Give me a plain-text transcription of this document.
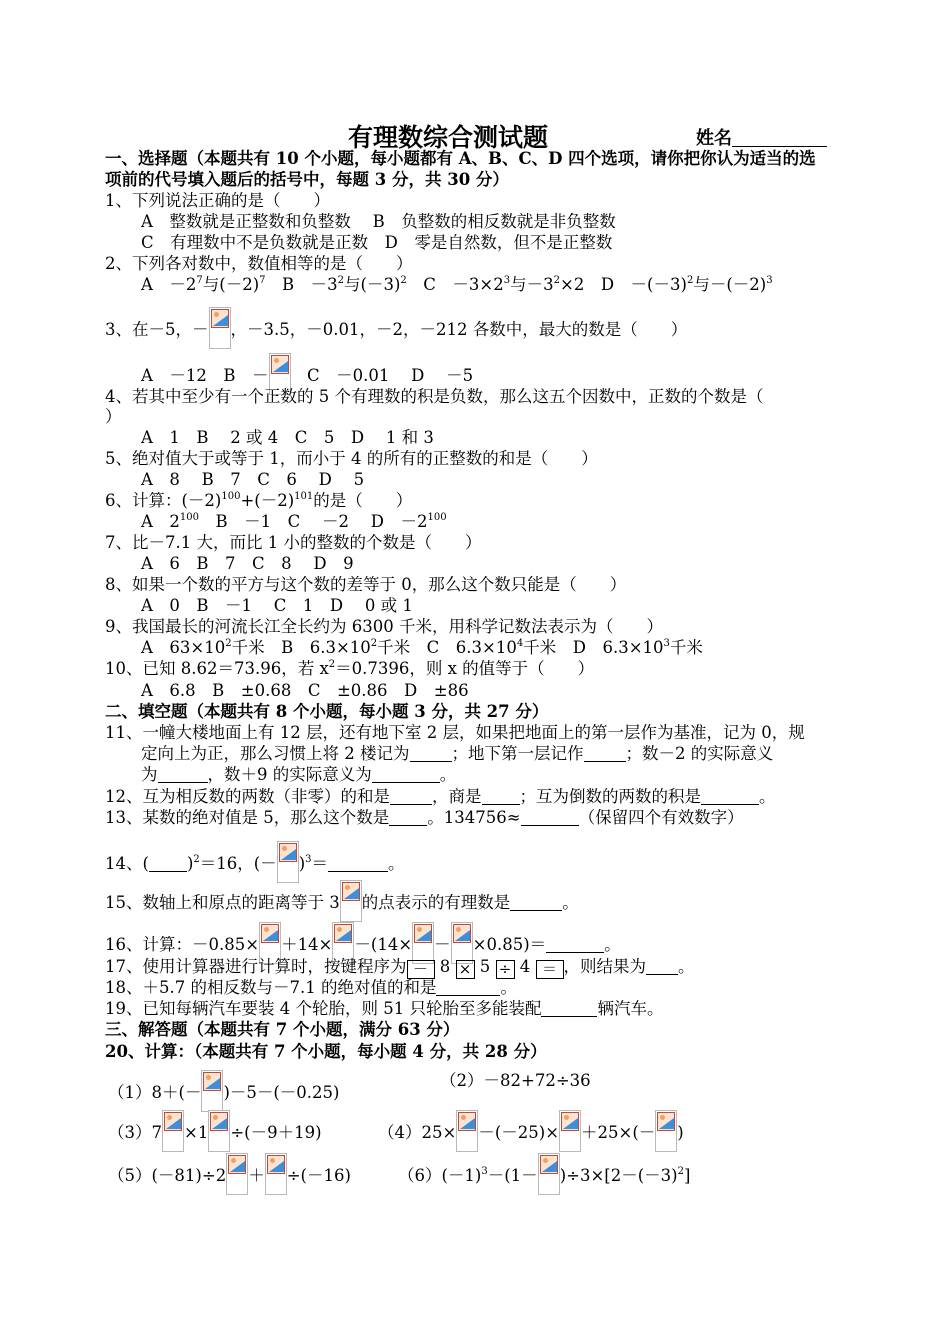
有理数综合测试题	姓名
一、选择题（本题共有 10 个小题，每小题都有 A、B、C、D 四个选项，请你把你认为适当的选
项前的代号填入题后的括号中，每题 3 分，共 30 分）
1、下列说法正确的是（　　）
A　整数就是正整数和负整数　 B　负整数的相反数就是非负整数
C　有理数中不是负数就是正数　D　零是自然数，但不是正整数
2、下列各对数中，数值相等的是（　　）
A　$-2^7$与$(-2)^7$　B　$-3^2$与$(-3)^2$　C　$-3\times 2^3$与$-3^2\times 2$　D　$-(-3)^2$与$-(-2)^3$
3、在－5，－ ，－3.5，－0.01，－2，－212 各数中，最大的数是（　　）
A　－12　B　－
　C　－0.01　 D　 －5
4、若其中至少有一个正数的 5 个有理数的积是负数，那么这五个因数中，正数的个数是（
）
A　1　B　 2 或 4　C　5　D　 1 和 3
5、绝对值大于或等于 1，而小于 4 的所有的正整数的和是（　　）
A　8　 B　7　C　6　 D　 5
6、计算：$(-2)^{100}+(-2)^{101}$的是（　　）
A　$2^{100}$　B　－1　C　 －2　 D　$-2^{100}$
7、比－7.1 大，而比 1 小的整数的个数是（　　）
A　6　B　7　C　8　 D　9
8、如果一个数的平方与这个数的差等于 0，那么这个数只能是（　　）
A　0　B　－1　 C　1　D　 0 或 1
9、我国最长的河流长江全长约为 6300 千米，用科学记数法表示为（　　）
A　$63\times 10^2$千米　B　$6.3\times 10^2$千米　C　$6.3\times 10^4$千米　D　$6.3\times 10^3$千米
10、已知 8.62＝73.96，若 $x^2=0.7396$，则 x 的值等于（　　）
A　6.8　B　±0.68　C　±0.86　D　±86
二、填空题（本题共有 8 个小题，每小题 3 分，共 27 分）
11、一幢大楼地面上有 12 层，还有地下室 2 层，如果把地面上的第一层作为基准，记为 0，规
定向上为正，那么习惯上将 2 楼记为	；地下第一层记作	；数－2 的实际意义
为	，数＋9 的实际意义为	。
12、互为相反数的两数（非零）的和是	，商是 ；互为倒数的两数的积是	。
13、某数的绝对值是 5，那么这个数是 。134756≈	（保留四个有效数字）
14、( )$^2$＝16，(－ )$^3$＝	。
15、数轴上和原点的距离等于 3 的点表示的有理数是	。
16、计算：－0.85× ＋14× －(14× － ×0.85)＝	。
17、使用计算器进行计算时，按键程序为 － 8 × 5 ÷ 4 ＝ ，则结果为 。
18、＋5.7 的相反数与－7.1 的绝对值的和是	。
19、已知每辆汽车要装 4 个轮胎，则 51 只轮胎至多能装配	辆汽车。
三、解答题（本题共有 7 个小题，满分 63 分）
20、计算：（本题共有 7 个小题，每小题 4 分，共 28 分）
（1）8＋(－ )－5－(－0.25)
（2）－82+72÷36
（3）7 ×1 ÷(－9＋19)	（4）25× －(－25)× ＋25×(－ )
（5）(－81)÷2 ＋ ÷(－16)	$(6)(-1)^3-(1- )\div 3\times[2-(-3)^2]$
